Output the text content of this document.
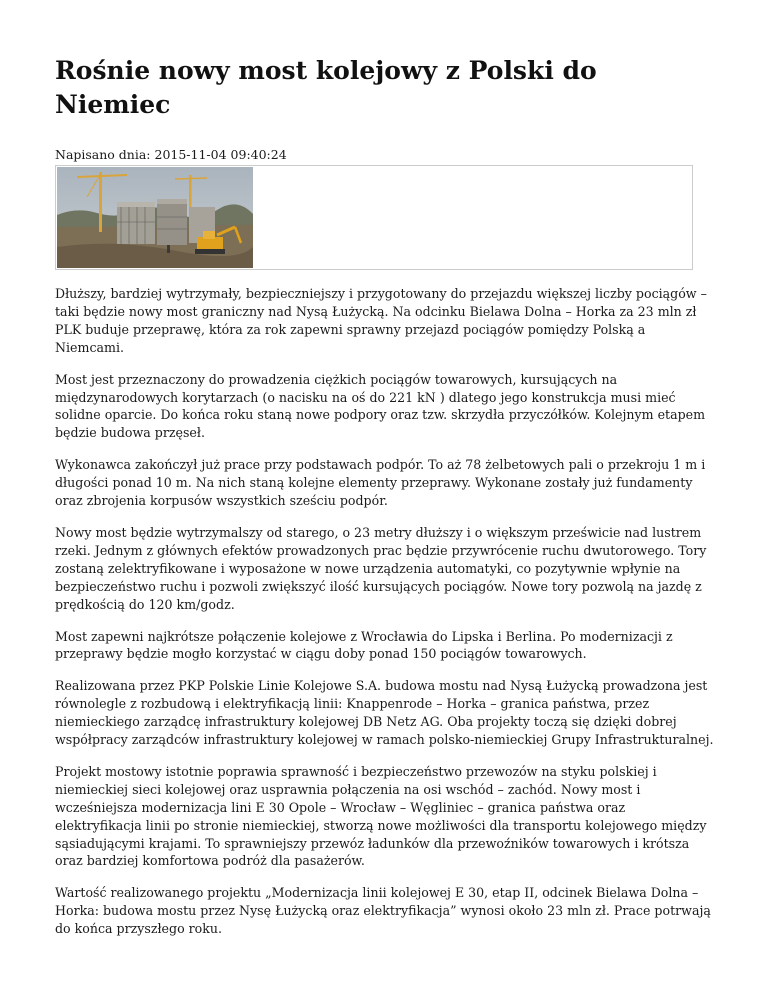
Rośnie nowy most kolejowy z Polski do Niemiec
Napisano dnia: 2015-11-04 09:40:24

Dłuższy, bardziej wytrzymały, bezpieczniejszy i przygotowany do przejazdu większej liczby pociągów – taki będzie nowy most graniczny nad Nysą Łużycką. Na odcinku Bielawa Dolna – Horka za 23 mln zł PLK buduje przeprawę, która za rok zapewni sprawny przejazd pociągów pomiędzy Polską a Niemcami.

Most jest przeznaczony do prowadzenia ciężkich pociągów towarowych, kursujących na międzynarodowych korytarzach (o nacisku na oś do 221 kN ) dlatego jego konstrukcja musi mieć solidne oparcie. Do końca roku staną nowe podpory oraz tzw. skrzydła przyczółków. Kolejnym etapem będzie budowa przęseł.

Wykonawca zakończył już prace przy podstawach podpór. To aż 78 żelbetowych pali o przekroju 1 m i długości ponad 10 m. Na nich staną kolejne elementy przeprawy. Wykonane zostały już fundamenty oraz zbrojenia korpusów wszystkich sześciu podpór.

Nowy most będzie wytrzymalszy od starego, o 23 metry dłuższy i o większym prześwicie nad lustrem rzeki. Jednym z głównych efektów prowadzonych prac będzie przywrócenie ruchu dwutorowego. Tory zostaną zelektryfikowane i wyposażone w nowe urządzenia automatyki, co pozytywnie wpłynie na bezpieczeństwo ruchu i pozwoli zwiększyć ilość kursujących pociągów. Nowe tory pozwolą na jazdę z prędkością do 120 km/godz.

Most zapewni najkrótsze połączenie kolejowe z Wrocławia do Lipska i Berlina. Po modernizacji z przeprawy będzie mogło korzystać w ciągu doby ponad 150 pociągów towarowych.

Realizowana przez PKP Polskie Linie Kolejowe S.A. budowa mostu nad Nysą Łużycką prowadzona jest równolegle z rozbudową i elektryfikacją linii: Knappenrode – Horka – granica państwa, przez niemieckiego zarządcę infrastruktury kolejowej DB Netz AG. Oba projekty toczą się dzięki dobrej współpracy zarządców infrastruktury kolejowej w ramach polsko-niemieckiej Grupy Infrastrukturalnej.

Projekt mostowy istotnie poprawia sprawność i bezpieczeństwo przewozów na styku polskiej i niemieckiej sieci kolejowej oraz usprawnia połączenia na osi wschód – zachód. Nowy most i wcześniejsza modernizacja lini E 30 Opole – Wrocław – Węgliniec – granica państwa oraz elektryfikacja linii po stronie niemieckiej, stworzą nowe możliwości dla transportu kolejowego między sąsiadującymi krajami. To sprawniejszy przewóz ładunków dla przewoźników towarowych i krótsza oraz bardziej komfortowa podróż dla pasażerów.

Wartość realizowanego projektu „Modernizacja linii kolejowej E 30, etap II, odcinek Bielawa Dolna – Horka: budowa mostu przez Nysę Łużycką oraz elektryfikacja” wynosi około 23 mln zł. Prace potrwają do końca przyszłego roku.
